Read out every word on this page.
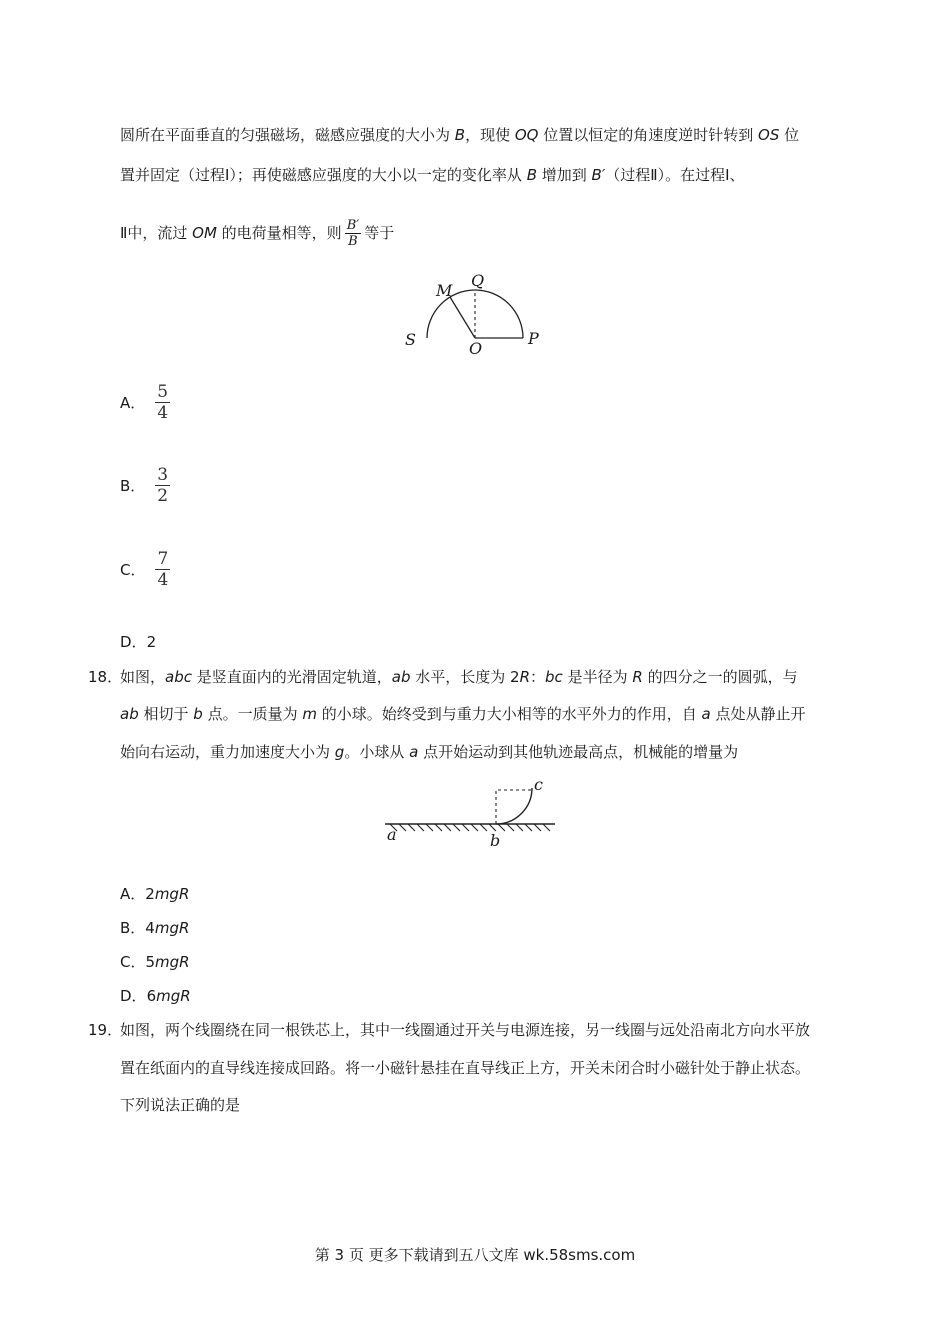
圆所在平面垂直的匀强磁场，磁感应强度的大小为 B，现使 OQ 位置以恒定的角速度逆时针转到 OS 位
置并固定（过程Ⅰ）；再使磁感应强度的大小以一定的变化率从 B 增加到 B′（过程Ⅱ）。在过程Ⅰ、
Ⅱ中，流过 OM 的电荷量相等，则 $\frac{B'}{B}$ 等于
S	O
P
M
Q
A． $\frac{5}{4}$
B． $\frac{3}{2}$
C． $\frac{7}{4}$
D．2
18．
如图，abc 是竖直面内的光滑固定轨道，ab 水平，长度为 2R：bc 是半径为 R 的四分之一的圆弧，与
ab 相切于 b 点。一质量为 m 的小球。始终受到与重力大小相等的水平外力的作用，自 a 点处从静止开
始向右运动，重力加速度大小为 g。小球从 a 点开始运动到其他轨迹最高点，机械能的增量为
a	b
c
A．2mgR
B．4mgR
C．5mgR
D．6mgR
19．
如图，两个线圈绕在同一根铁芯上，其中一线圈通过开关与电源连接，另一线圈与远处沿南北方向水平放
置在纸面内的直导线连接成回路。将一小磁针悬挂在直导线正上方，开关未闭合时小磁针处于静止状态。
下列说法正确的是
第 3 页 更多下载请到五八文库 wk.58sms.com
